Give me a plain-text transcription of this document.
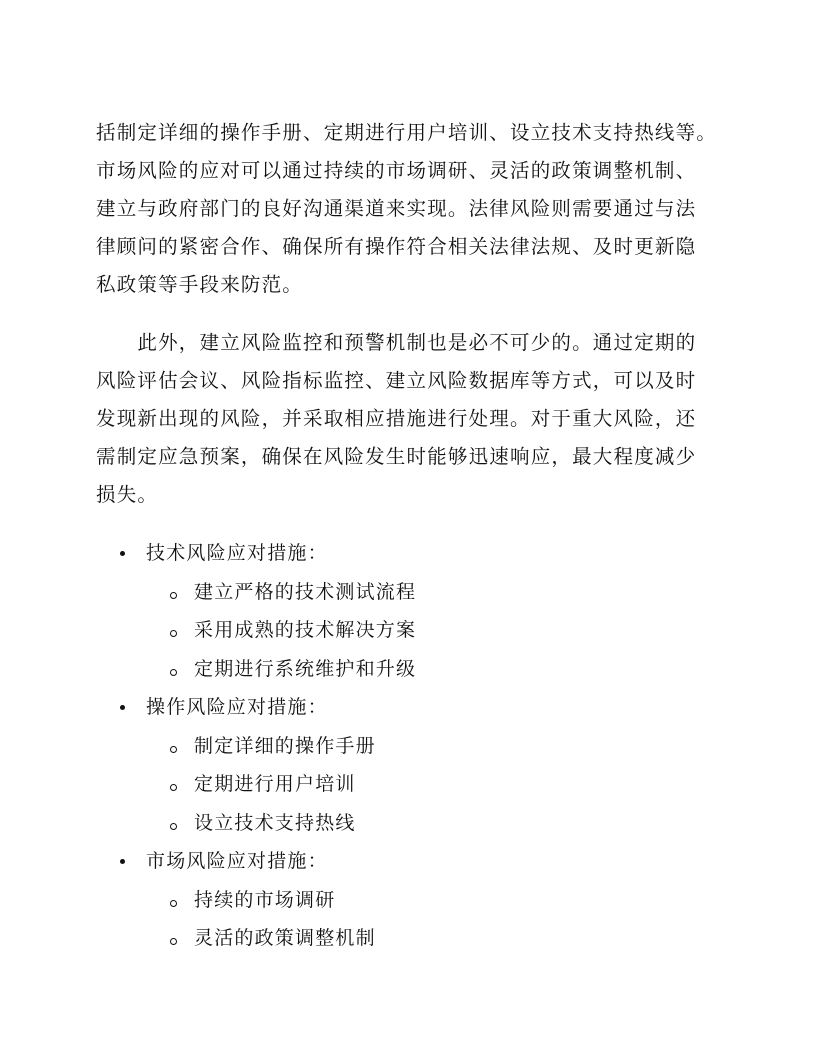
括制定详细的操作手册、定期进行用户培训、设立技术支持热线等。
市场风险的应对可以通过持续的市场调研、灵活的政策调整机制、
建立与政府部门的良好沟通渠道来实现。法律风险则需要通过与法
律顾问的紧密合作、确保所有操作符合相关法律法规、及时更新隐
私政策等手段来防范。

　　此外，建立风险监控和预警机制也是必不可少的。通过定期的
风险评估会议、风险指标监控、建立风险数据库等方式，可以及时
发现新出现的风险，并采取相应措施进行处理。对于重大风险，还
需制定应急预案，确保在风险发生时能够迅速响应，最大程度减少
损失。

技术风险应对措施：
建立严格的技术测试流程
采用成熟的技术解决方案
定期进行系统维护和升级
操作风险应对措施：
制定详细的操作手册
定期进行用户培训
设立技术支持热线
市场风险应对措施：
持续的市场调研
灵活的政策调整机制
